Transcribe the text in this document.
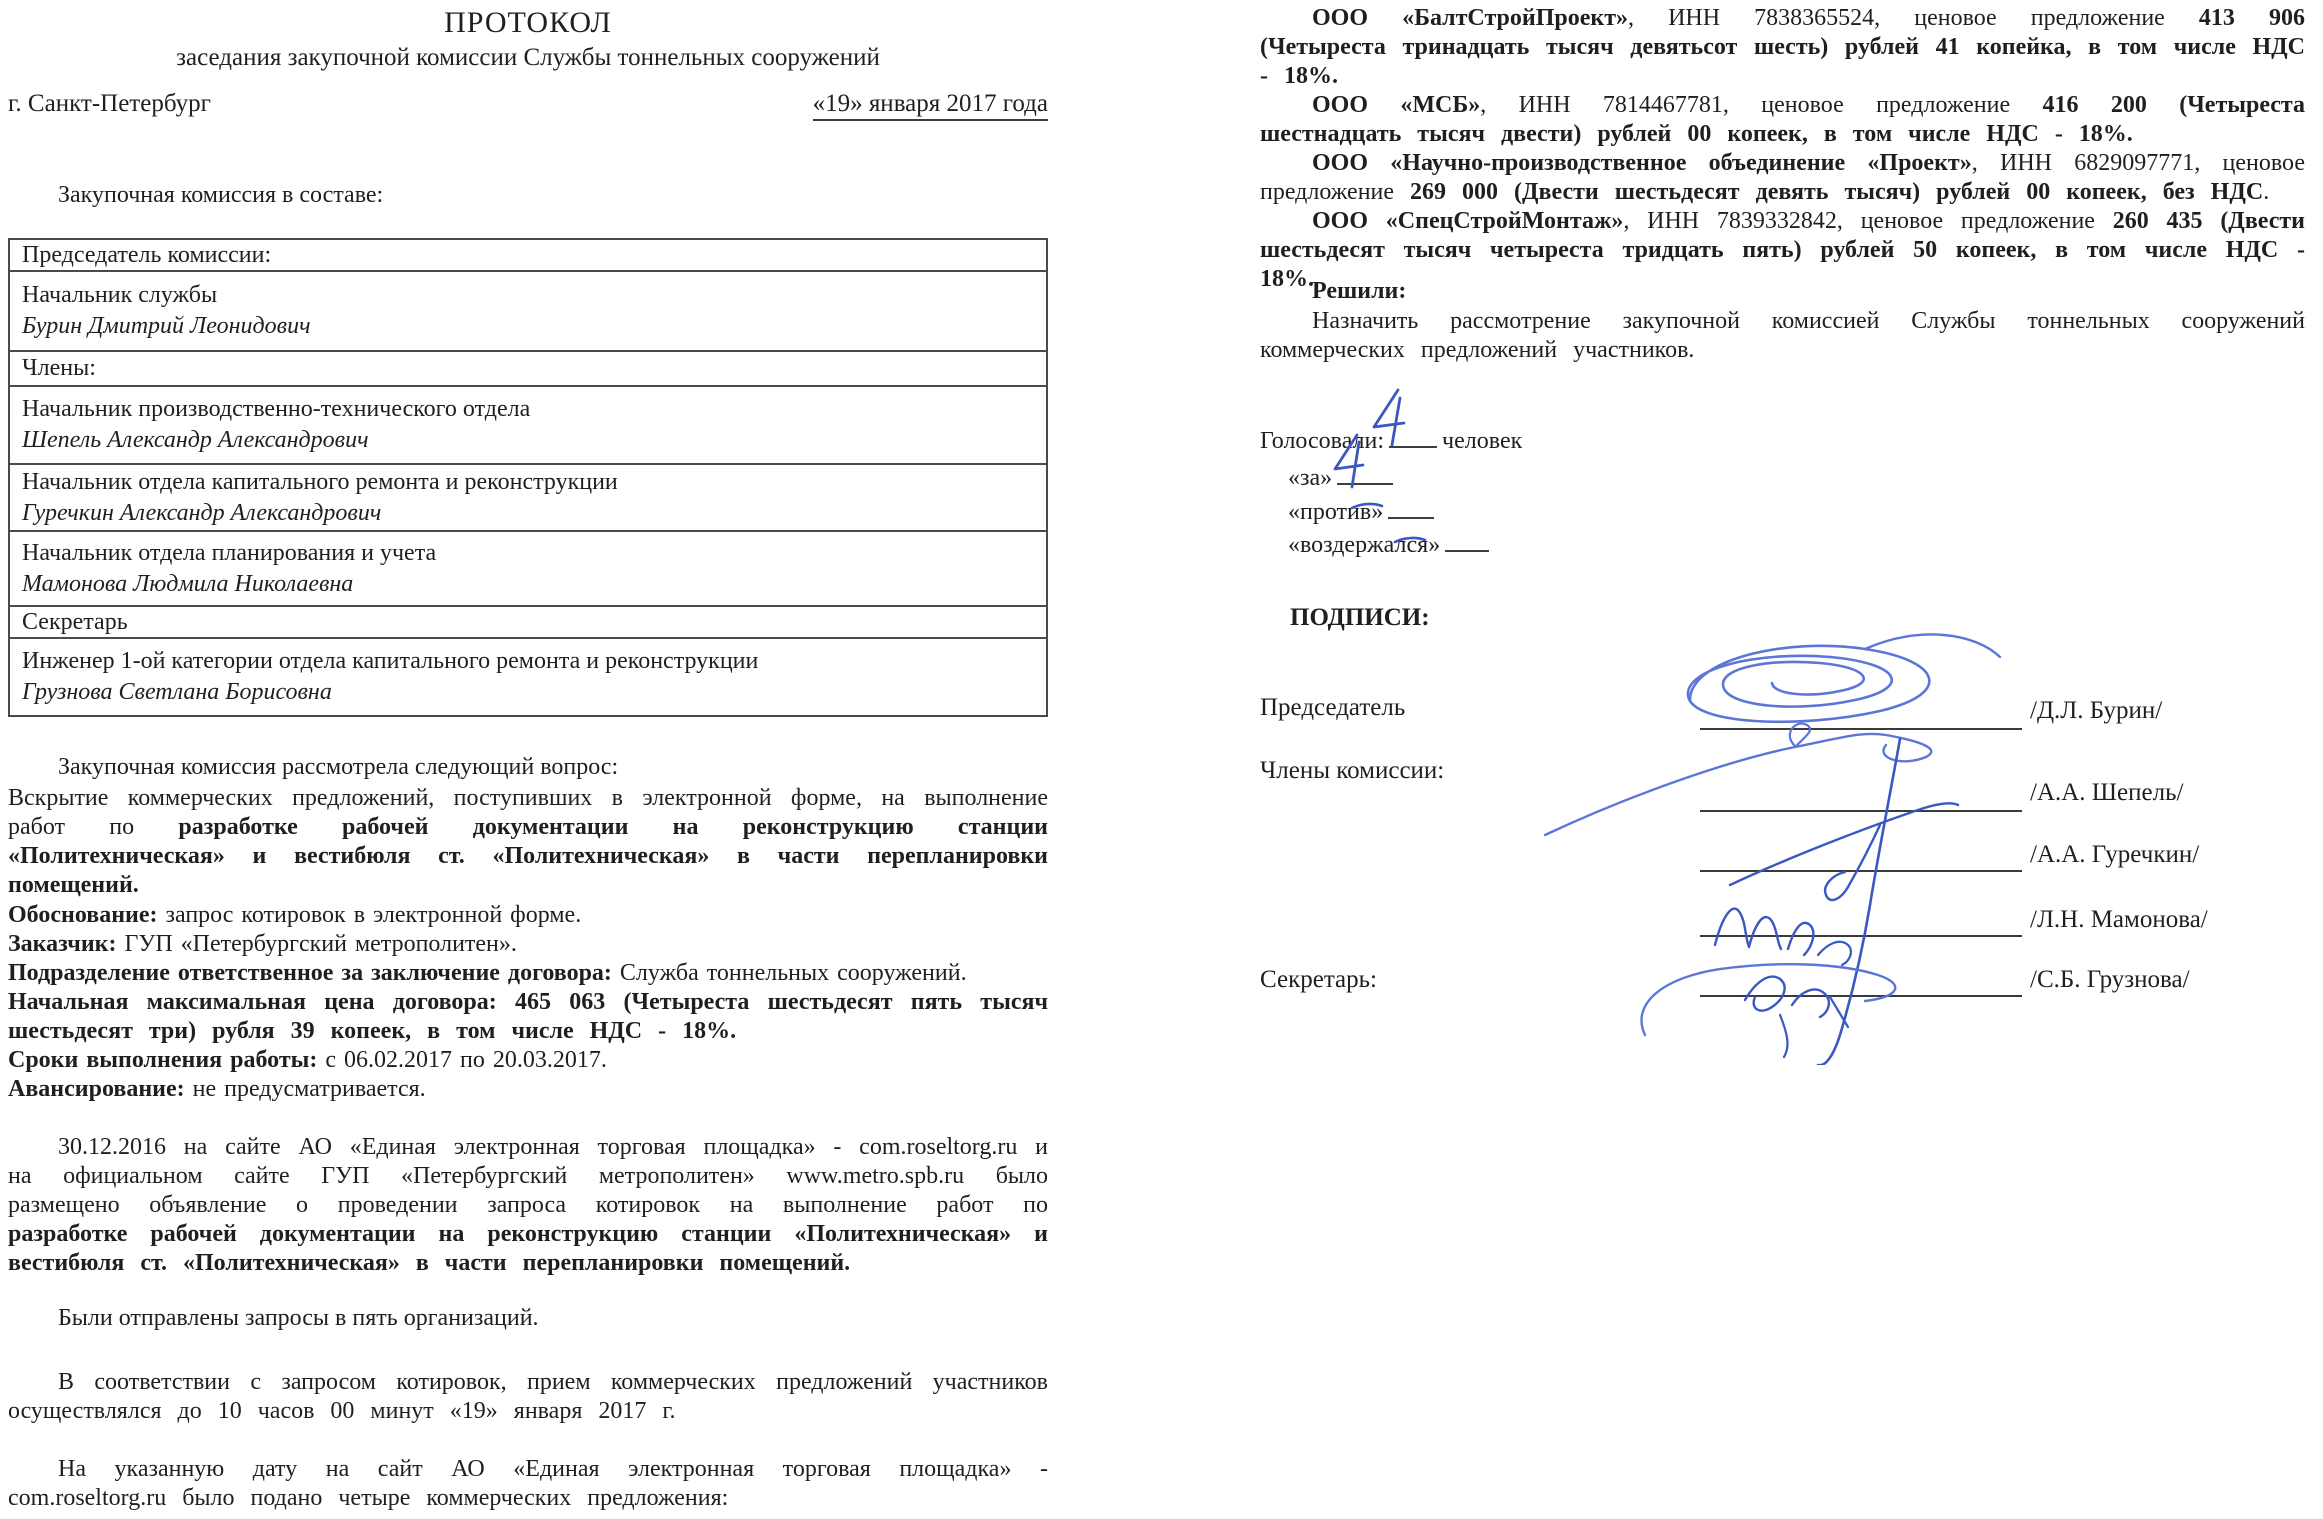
ПРОТОКОЛ
заседания закупочной комиссии Службы тоннельных сооружений
г. Санкт-Петербург	«19» января 2017 года
Закупочная комиссия в составе:
Председатель комиссии:
Начальник службы
Бурин Дмитрий Леонидович
Члены:
Начальник производственно-технического отдела
Шепель Александр Александрович
Начальник отдела капитального ремонта и реконструкции
Гуречкин Александр Александрович
Начальник отдела планирования и учета
Мамонова Людмила Николаевна
Секретарь
Инженер 1-ой категории отдела капитального ремонта и реконструкции
Грузнова Светлана Борисовна
Закупочная комиссия рассмотрела следующий вопрос:
Вскрытие коммерческих предложений, поступивших в электронной форме, на выполнение работ по разработке рабочей документации на реконструкцию станции «Политехническая» и вестибюля ст. «Политехническая» в части перепланировки помещений.

Обоснование: запрос котировок в электронной форме.

Заказчик: ГУП «Петербургский метрополитен».

Подразделение ответственное за заключение договора: Служба тоннельных сооружений.

Начальная максимальная цена договора: 465 063 (Четыреста шестьдесят пять тысяч шестьдесят три) рубля 39 копеек, в том числе НДС - 18%.

Сроки выполнения работы: с 06.02.2017 по 20.03.2017.

Авансирование: не предусматривается.

30.12.2016 на сайте АО «Единая электронная торговая площадка» - com.roseltorg.ru и на официальном сайте ГУП «Петербургский метрополитен» www.metro.spb.ru было размещено объявление о проведении запроса котировок на выполнение работ по разработке рабочей документации на реконструкцию станции «Политехническая» и вестибюля ст. «Политехническая» в части перепланировки помещений.
Были отправлены запросы в пять организаций.
В соответствии с запросом котировок, прием коммерческих предложений участников осуществлялся до 10 часов 00 минут «19» января 2017 г.
На указанную дату на сайт АО «Единая электронная торговая площадка» - com.roseltorg.ru было подано четыре коммерческих предложения:

ООО «БалтСтройПроект», ИНН 7838365524, ценовое предложение 413 906 (Четыреста тринадцать тысяч девятьсот шесть) рублей 41 копейка, в том числе НДС - 18%.

ООО «МСБ», ИНН 7814467781, ценовое предложение 416 200 (Четыреста шестнадцать тысяч двести) рублей 00 копеек, в том числе НДС - 18%.

ООО «Научно-производственное объединение «Проект», ИНН 6829097771, ценовое предложение 269 000 (Двести шестьдесят девять тысяч) рублей 00 копеек, без НДС.

ООО «СпецСтройМонтаж», ИНН 7839332842, ценовое предложение 260 435 (Двести шестьдесят тысяч четыреста тридцать пять) рублей 50 копеек, в том числе НДС - 18%.

Решили:
Назначить рассмотрение закупочной комиссией Службы тоннельных сооружений коммерческих предложений участников.
Голосовали: человек
«за»
«против»
«воздержался»
ПОДПИСИ:
Председатель
Члены комиссии:
Секретарь:
/Д.Л. Бурин/
/А.А. Шепель/
/А.А. Гуречкин/
/Л.Н. Мамонова/
/С.Б. Грузнова/
